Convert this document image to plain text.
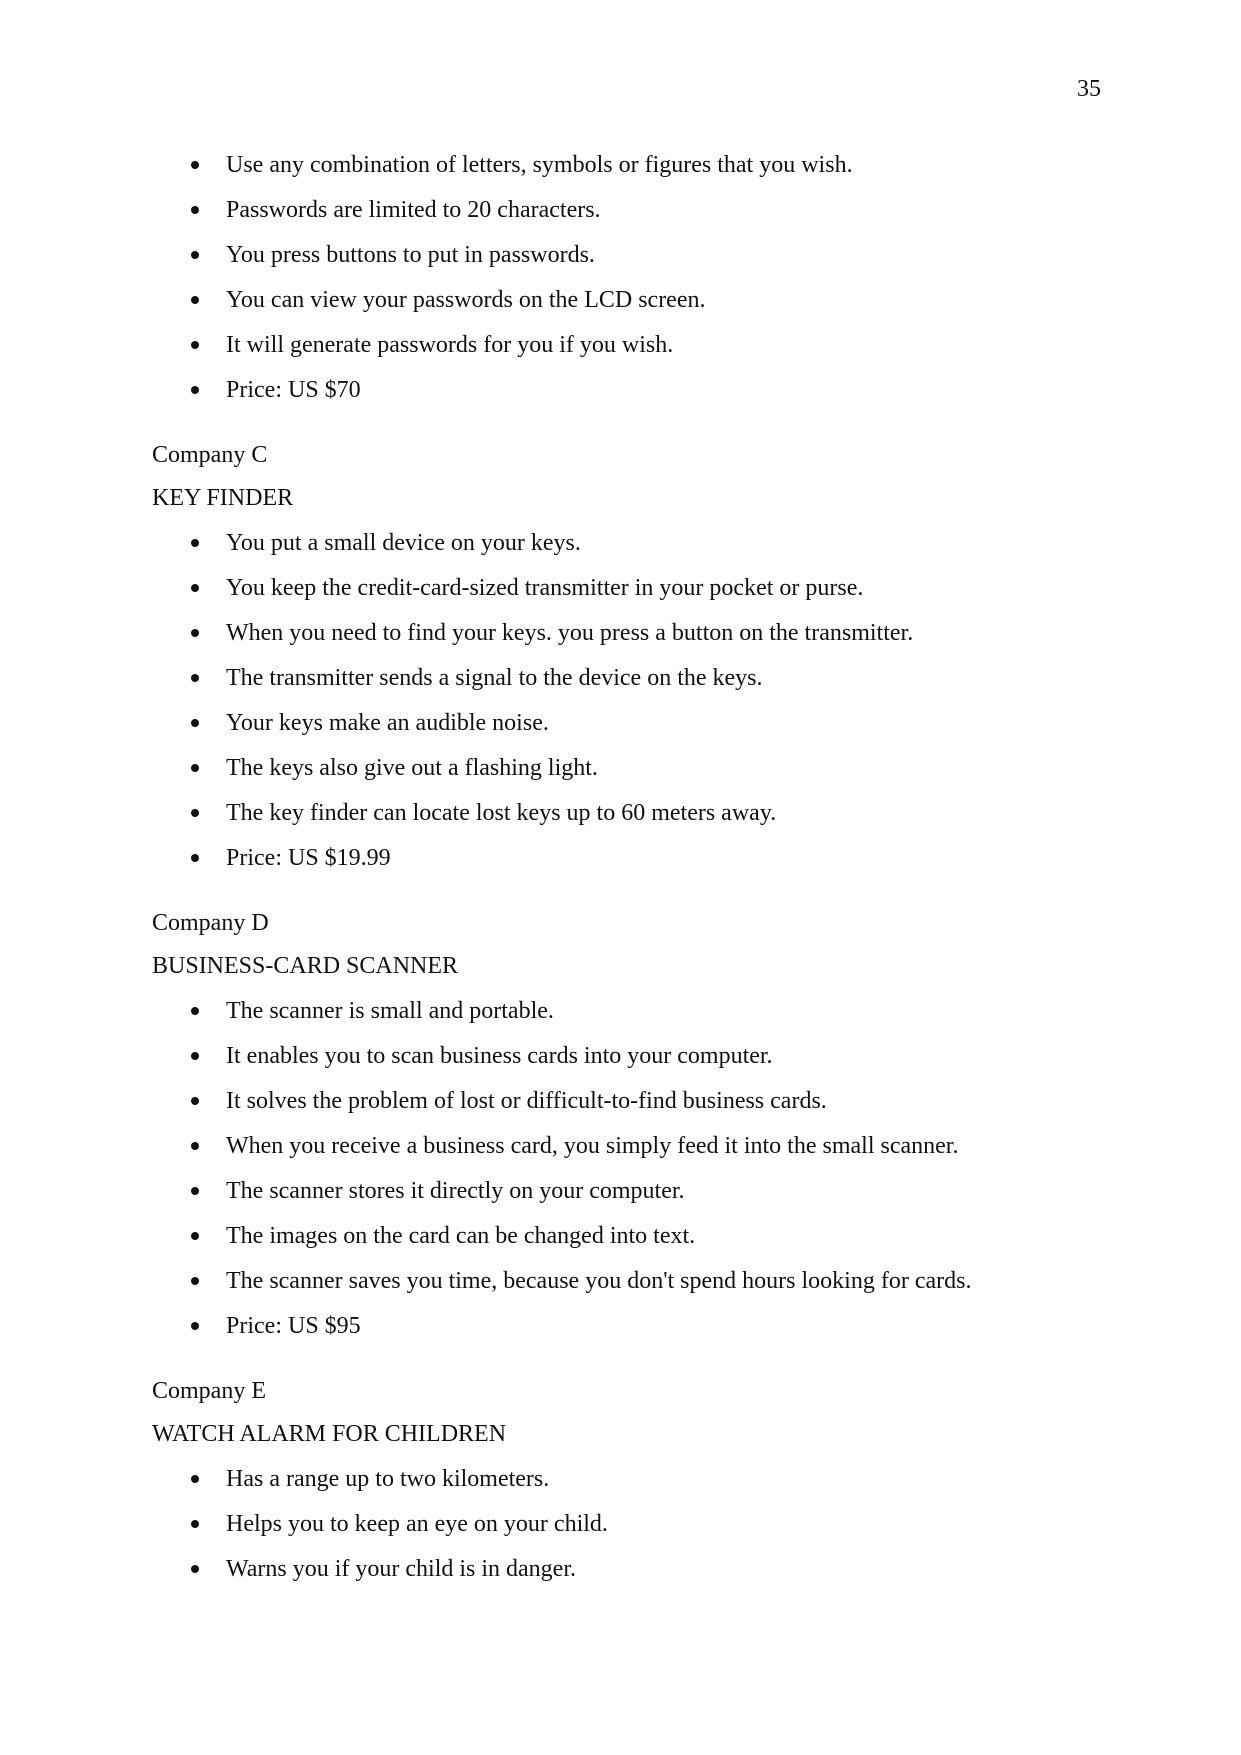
35
Use any combination of letters, symbols or figures that you wish.
Passwords are limited to 20 characters.
You press buttons to put in passwords.
You can view your passwords on the LCD screen.
It will generate passwords for you if you wish.
Price: US $70
Company C
KEY FINDER
You put a small device on your keys.
You keep the credit-card-sized transmitter in your pocket or purse.
When you need to find your keys. you press a button on the transmitter.
The transmitter sends a signal to the device on the keys.
Your keys make an audible noise.
The keys also give out a flashing light.
The key finder can locate lost keys up to 60 meters away.
Price: US $19.99
Company D
BUSINESS-CARD SCANNER
The scanner is small and portable.
It enables you to scan business cards into your computer.
It solves the problem of lost or difficult-to-find business cards.
When you receive a business card, you simply feed it into the small scanner.
The scanner stores it directly on your computer.
The images on the card can be changed into text.
The scanner saves you time, because you don't spend hours looking for cards.
Price: US $95
Company E
WATCH ALARM FOR CHILDREN
Has a range up to two kilometers.
Helps you to keep an eye on your child.
Warns you if your child is in danger.
